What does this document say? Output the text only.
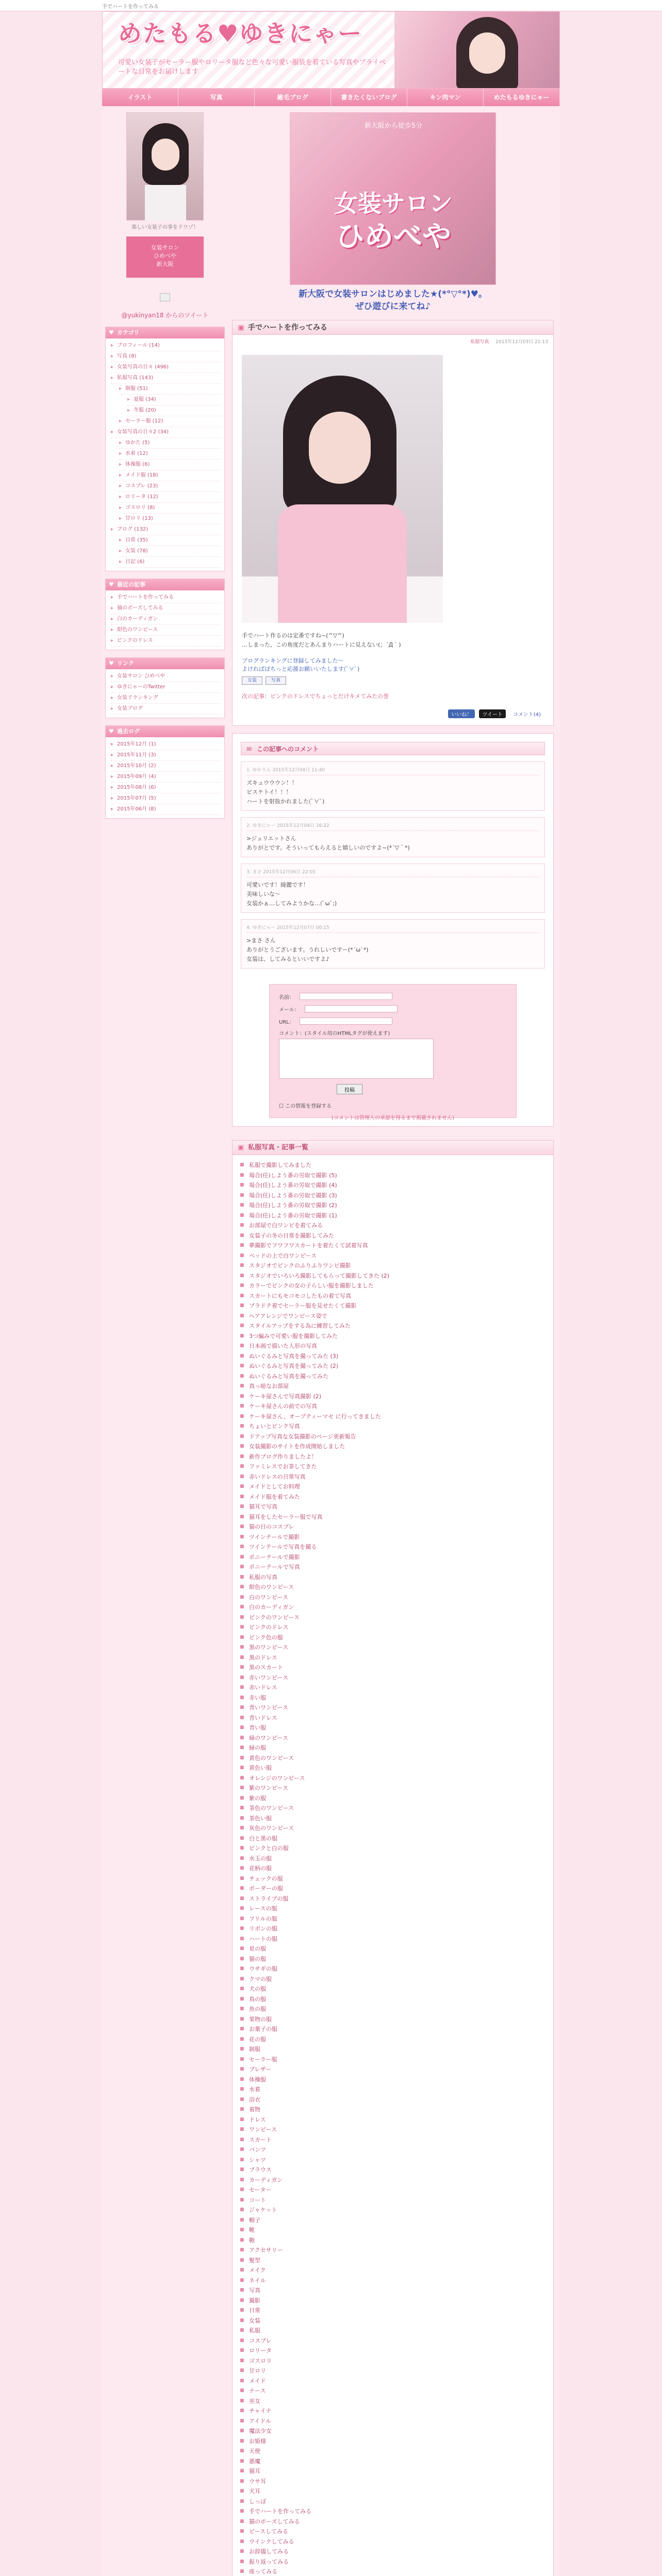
手でハートを作ってみる
めたもる♥ゆきにゃー
可愛い女装子がセーラー服やロリータ服など色々な可愛い服装を着ている写真やプライベートな日常をお届けします
イラスト	写真	雑毛ブログ	書きたくないブログ	キン肉マン	めたもるゆきにゃー
楽しい女装子の事をドウゾ！
女装サロン
ひめべや
新大阪
@yukinyan18 からのツイート
♥ カテゴリ
▸ プロフィール (14)
▸ 写真 (8)
▸ 女装写真の日々 (496)
▸ 私服写真 (143)
▸ 制服 (51)
▸ 夏服 (34)
▸ 冬服 (20)
▸ セーラー服 (12)
▸ 女装写真の日々2 (34)
▸ ゆかた (5)
▸ 水着 (12)
▸ 体操服 (6)
▸ メイド服 (18)
▸ コスプレ (23)
▸ ロリータ (12)
▸ ゴスロリ (8)
▸ 甘ロリ (13)
▸ ブログ (132)
▸ 日常 (35)
▸ 女装 (78)
▸ 日記 (6)
♥ 最近の記事
▸ 手でハートを作ってみる
▸ 猫のポーズしてみる
▸ 白のカーディガン
▸ 紺色のワンピース
▸ ピンクのドレス
♥ リンク
▸ 女装サロン ひめべや
▸ ゆきにゃーのTwitter
▸ 女装子ランキング
▸ 女装ブログ
♥ 過去ログ
▸ 2015年12月 (1)
▸ 2015年11月 (3)
▸ 2015年10月 (2)
▸ 2015年09月 (4)
▸ 2015年08月 (6)
▸ 2015年07月 (5)
▸ 2015年06月 (8)
新大阪から徒歩5分
女装サロン
ひめべや
新大阪で女装サロンはじめました★(*°▽°*)♥。
ぜひ遊びに来てね♪
▣ 手でハートを作ってみる
私服写真 2015年12月03日 21:13
手でハート作るのは定番ですね~(^▽^)
…しまった、この角度だとあんまりハートに見えない(；´Д｀)
ブログランキングに登録してみました～
よければぽちっと応援お願いいたします(ﾟ∀ﾟ)
女装	写真
次の記事：ピンクのドレスでちょっとだけキメてみたの巻
いいね！ ツイート コメント(4)
✉ この記事へのコメント
1. ゆかりん 2015年12月04日 11:40
ズキュウウウン！！
ビスケトイ！！！
ハートを射抜かれました(ﾟ∀ﾟ)
2. ゆきにゃー 2015年12月04日 16:22
>ジュリエットさん
ありがとです。そういってもらえると嬉しいのですよ~(*´▽｀*)
3. まさ 2015年12月06日 22:05
可愛いです！綺麗です！
美味しいな～
女装かぁ…してみようかな…(ﾟωﾟ;)
4. ゆきにゃー 2015年12月07日 00:15
>まさ さん
ありがとうございます。うれしいですー(*´ω`*)
女装は、してみるといいですよ♪
名前：
メール：
URL：
コメント：(スタイル用のHTMLタグが使えます)
投稿
☐ この情報を登録する
(コメントは管理人の承認を得るまで掲載されません)
▣ 私服写真・記事一覧
■ 私服で撮影してみました
■ 場合(任)しよう番の労取で撮影 (5)
■ 場合(任)しよう番の労取で撮影 (4)
■ 場合(任)しよう番の労取で撮影 (3)
■ 場合(任)しよう番の労取で撮影 (2)
■ 場合(任)しよう番の労取で撮影 (1)
■ お部屋で白ワンピを着てみる
■ 女装子の冬の日常を撮影してみた
■ 夢撮影でフワフワスカートを着たくて試着写真
■ ベッドの上で白ワンピース
■ スタジオでピンクのふりふりワンピ撮影
■ スタジオでいろいろ撮影してもらって撮影してきた (2)
■ カラーでピンクの女の子らしい服を撮影しました
■ スカートにもモコモコしたもの着て写真
■ ブラドテ着でセーラー服を見せたくて撮影
■ ヘアアレンジでワンピース姿で
■ スタイルアップをする為に練習してみた
■ 3つ編みで可愛い服を撮影してみた
■ 日本画で描いた人形の写真
■ ぬいぐるみと写真を撮ってみた (3)
■ ぬいぐるみと写真を撮ってみた (2)
■ ぬいぐるみと写真を撮ってみた
■ 真っ暗なお部屋
■ ケーキ屋さんで写真撮影 (2)
■ ケーキ屋さんの前での写真
■ ケーキ屋さん、オープティーマセ に行ってきました
■ ちょいとピンク写真
■ ドアップ写真な女装撮影のページ更新報告
■ 女装撮影のサイトを作成開始しました
■ 新作ブログ作りましたよ！
■ ファミレスでお茶してきた
■ 赤いドレスの日常写真
■ メイドとしてお料理
■ メイド服を着てみた
■ 猫耳で写真
■ 猫耳をしたセーラー服で写真
■ 猫の日のコスプレ
■ ツインテールで撮影
■ ツインテールで写真を撮る
■ ポニーテールで撮影
■ ポニーテールで写真
■ 私服の写真
■ 紺色のワンピース
■ 白のワンピース
■ 白のカーディガン
■ ピンクのワンピース
■ ピンクのドレス
■ ピンク色の服
■ 黒のワンピース
■ 黒のドレス
■ 黒のスカート
■ 赤いワンピース
■ 赤いドレス
■ 赤い服
■ 青いワンピース
■ 青いドレス
■ 青い服
■ 緑のワンピース
■ 緑の服
■ 黄色のワンピース
■ 黄色い服
■ オレンジのワンピース
■ 紫のワンピース
■ 紫の服
■ 茶色のワンピース
■ 茶色い服
■ 灰色のワンピース
■ 白と黒の服
■ ピンクと白の服
■ 水玉の服
■ 花柄の服
■ チェックの服
■ ボーダーの服
■ ストライプの服
■ レースの服
■ フリルの服
■ リボンの服
■ ハートの服
■ 星の服
■ 猫の服
■ ウサギの服
■ クマの服
■ 犬の服
■ 鳥の服
■ 魚の服
■ 果物の服
■ お菓子の服
■ 花の服
■ 制服
■ セーラー服
■ ブレザー
■ 体操服
■ 水着
■ 浴衣
■ 着物
■ ドレス
■ ワンピース
■ スカート
■ パンツ
■ シャツ
■ ブラウス
■ カーディガン
■ セーター
■ コート
■ ジャケット
■ 帽子
■ 靴
■ 鞄
■ アクセサリー
■ 髪型
■ メイク
■ ネイル
■ 写真
■ 撮影
■ 日常
■ 女装
■ 私服
■ コスプレ
■ ロリータ
■ ゴスロリ
■ 甘ロリ
■ メイド
■ ナース
■ 巫女
■ チャイナ
■ アイドル
■ 魔法少女
■ お姫様
■ 天使
■ 悪魔
■ 猫耳
■ ウサ耳
■ 犬耳
■ しっぽ
■ 手でハートを作ってみる
■ 猫のポーズしてみる
■ ピースしてみる
■ ウインクしてみる
■ お辞儀してみる
■ 振り返ってみる
■ 座ってみる
